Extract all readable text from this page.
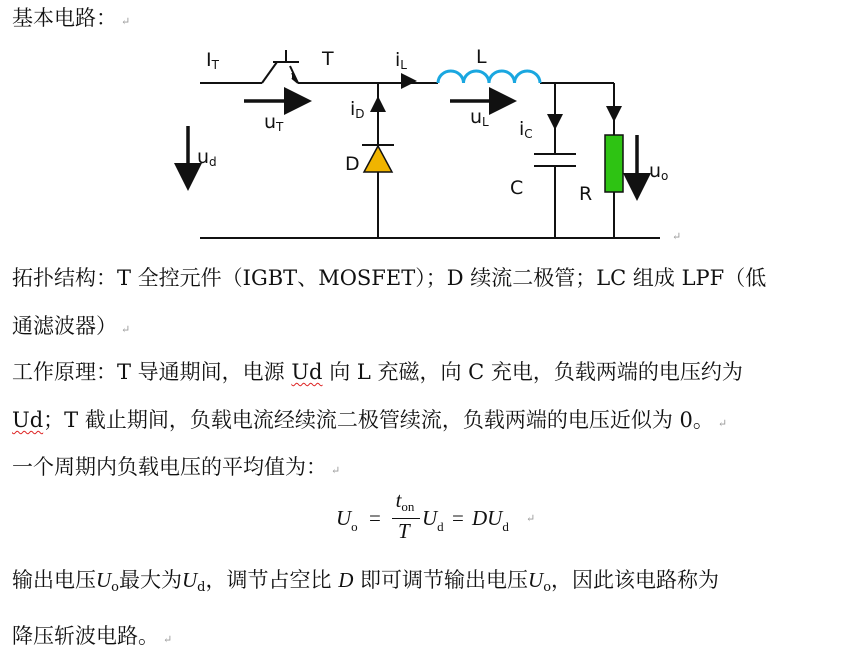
基本电路： ↵
IT	T	iL	L
uT
iD	uL iC
ud	D
C	R
uo
↵
拓扑结构：T 全控元件（IGBT、MOSFET）；D 续流二极管；LC 组成 LPF（低
通滤波器） ↵
工作原理：T 导通期间，电源 Ud 向 L 充磁，向 C 充电，负载两端的电压约为
Ud；T 截止期间，负载电流经续流二极管续流，负载两端的电压近似为 0。 ↵
一个周期内负载电压的平均值为： ↵
$U_o$ =
ton
T
$U_d = DU_d$ ↵
输出电压Uo最大为Ud，调节占空比 D 即可调节输出电压Uo，因此该电路称为
降压斩波电路。 ↵
